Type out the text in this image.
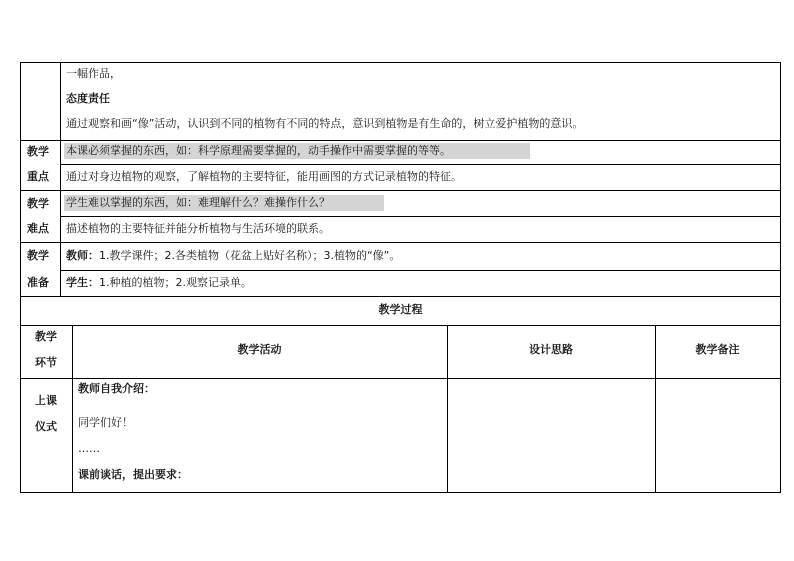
一幅作品，
态度责任
通过观察和画“像”活动，认识到不同的植物有不同的特点，意识到植物是有生命的，树立爱护植物的意识。
教学
重点
本课必须掌握的东西，如：科学原理需要掌握的，动手操作中需要掌握的等等。
通过对身边植物的观察，了解植物的主要特征，能用画图的方式记录植物的特征。
教学
难点
学生难以掌握的东西，如：难理解什么？难操作什么？
描述植物的主要特征并能分析植物与生活环境的联系。
教学
准备
教师：1.教学课件；2.各类植物（花盆上贴好名称）；3.植物的“像”。
学生：1.种植的植物；2.观察记录单。
教学过程
教学
环节
教学活动	设计思路	教学备注
上课
仪式
教师自我介绍：
同学们好！
……
课前谈话，提出要求：
